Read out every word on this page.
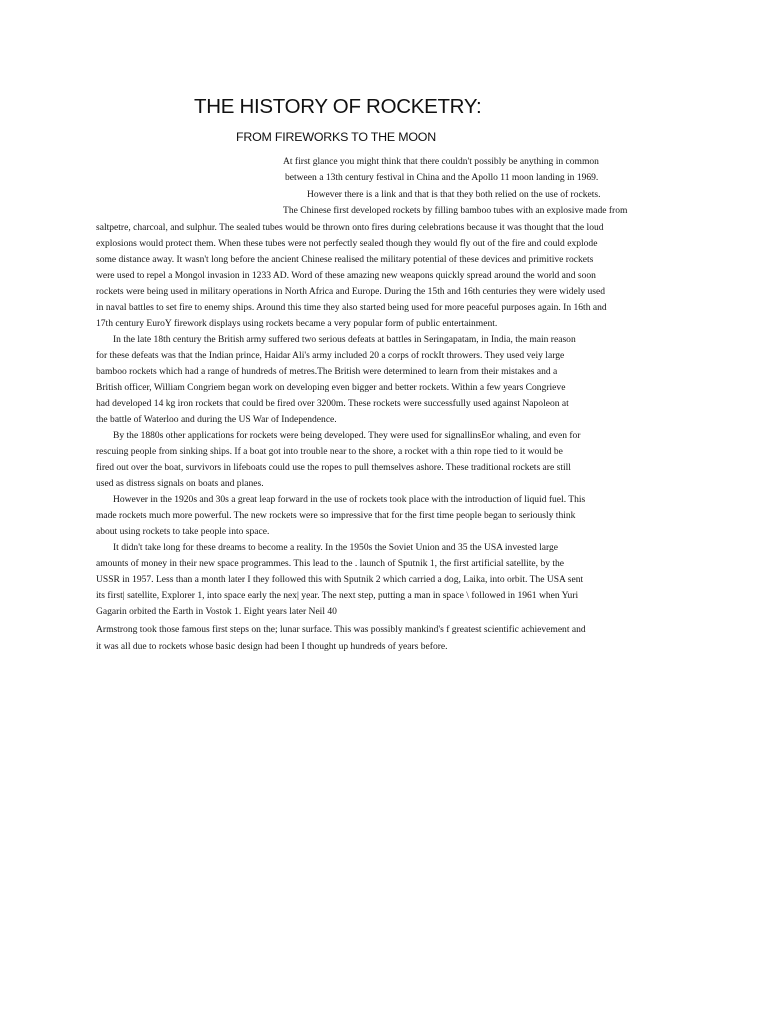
THE HISTORY OF ROCKETRY:
FROM FIREWORKS TO THE MOON

At first glance you might think that there couldn't possibly be anything in common

between a 13th century festival in China and the Apollo 11 moon landing in 1969.

However there is a link and that is that they both relied on the use of rockets.

The Chinese first developed rockets by filling bamboo tubes with an explosive made from

saltpetre, charcoal, and sulphur. The sealed tubes would be thrown onto fires during celebrations because it was thought that the loud

explosions would protect them. When these tubes were not perfectly sealed though they would fly out of the fire and could explode

some distance away. It wasn't long before the ancient Chinese realised the military potential of these devices and primitive rockets

were used to repel a Mongol invasion in 1233 AD. Word of these amazing new weapons quickly spread around the world and soon

rockets were being used in military operations in North Africa and Europe. During the 15th and 16th centuries they were widely used

in naval battles to set fire to enemy ships. Around this time they also started being used for more peaceful purposes again. In 16th and

17th century EuroY firework displays using rockets became a very popular form of public entertainment.

In the late 18th century the British army suffered two serious defeats at battles in Seringapatam, in India, the main reason

for these defeats was that the Indian prince, Haidar Ali's army included 20 a corps of rockIt throwers. They used veiy large

bamboo rockets which had a range of hundreds of metres.The British were determined to learn from their mistakes and a

British officer, William Congriem began work on developing even bigger and better rockets. Within a few years Congrieve

had developed 14 kg iron rockets that could be fired over 3200m. These rockets were successfully used against Napoleon at

the battle of Waterloo and during the US War of Independence.

By the 1880s other applications for rockets were being developed. They were used for signallinsEor whaling, and even for

rescuing people from sinking ships. If a boat got into trouble near to the shore, a rocket with a thin rope tied to it would be

fired out over the boat, survivors in lifeboats could use the ropes to pull themselves ashore. These traditional rockets are still

used as distress signals on boats and planes.

However in the 1920s and 30s a great leap forward in the use of rockets took place with the introduction of liquid fuel. This

made rockets much more powerful. The new rockets were so impressive that for the first time people began to seriously think

about using rockets to take people into space.

It didn't take long for these dreams to become a reality. In the 1950s the Soviet Union and 35 the USA invested large

amounts of money in their new space programmes. This lead to the . launch of Sputnik 1, the first artificial satellite, by the

USSR in 1957. Less than a month later I they followed this with Sputnik 2 which carried a dog, Laika, into orbit. The USA sent

its first| satellite, Explorer 1, into space early the nex| year. The next step, putting a man in space \ followed in 1961 when Yuri

Gagarin orbited the Earth in Vostok 1. Eight years later Neil 40

Armstrong took those famous first steps on the; lunar surface. This was possibly mankind's f greatest scientific achievement and

it was all due to rockets whose basic design had been I thought up hundreds of years before.
